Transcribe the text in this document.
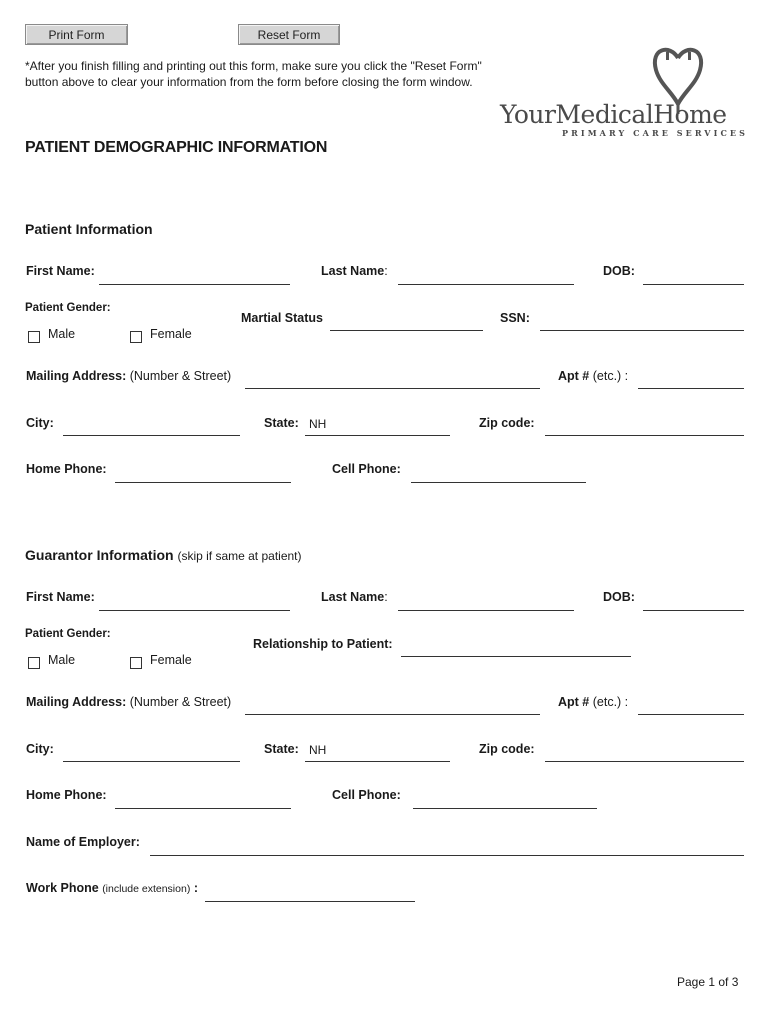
Print Form	Reset Form
*After you finish filling and printing out this form, make sure you click the "Reset Form"
button above to clear your information from the form before closing the form window.
YourMedicalHome
PRIMARY CARE SERVICES
PATIENT DEMOGRAPHIC INFORMATION
Patient Information
First Name:	Last Name:	DOB:
Patient Gender:
Male	Female
Martial Status	SSN:
Mailing Address: (Number & Street)	Apt # (etc.) :
City:	State: NH	Zip code:
Home Phone:	Cell Phone:
Guarantor Information (skip if same at patient)
First Name:	Last Name:	DOB:
Patient Gender:
Male	Female
Relationship to Patient:
Mailing Address: (Number & Street)	Apt # (etc.) :
City:	State: NH	Zip code:
Home Phone:	Cell Phone:
Name of Employer:
Work Phone (include extension) :
Page 1 of 3
